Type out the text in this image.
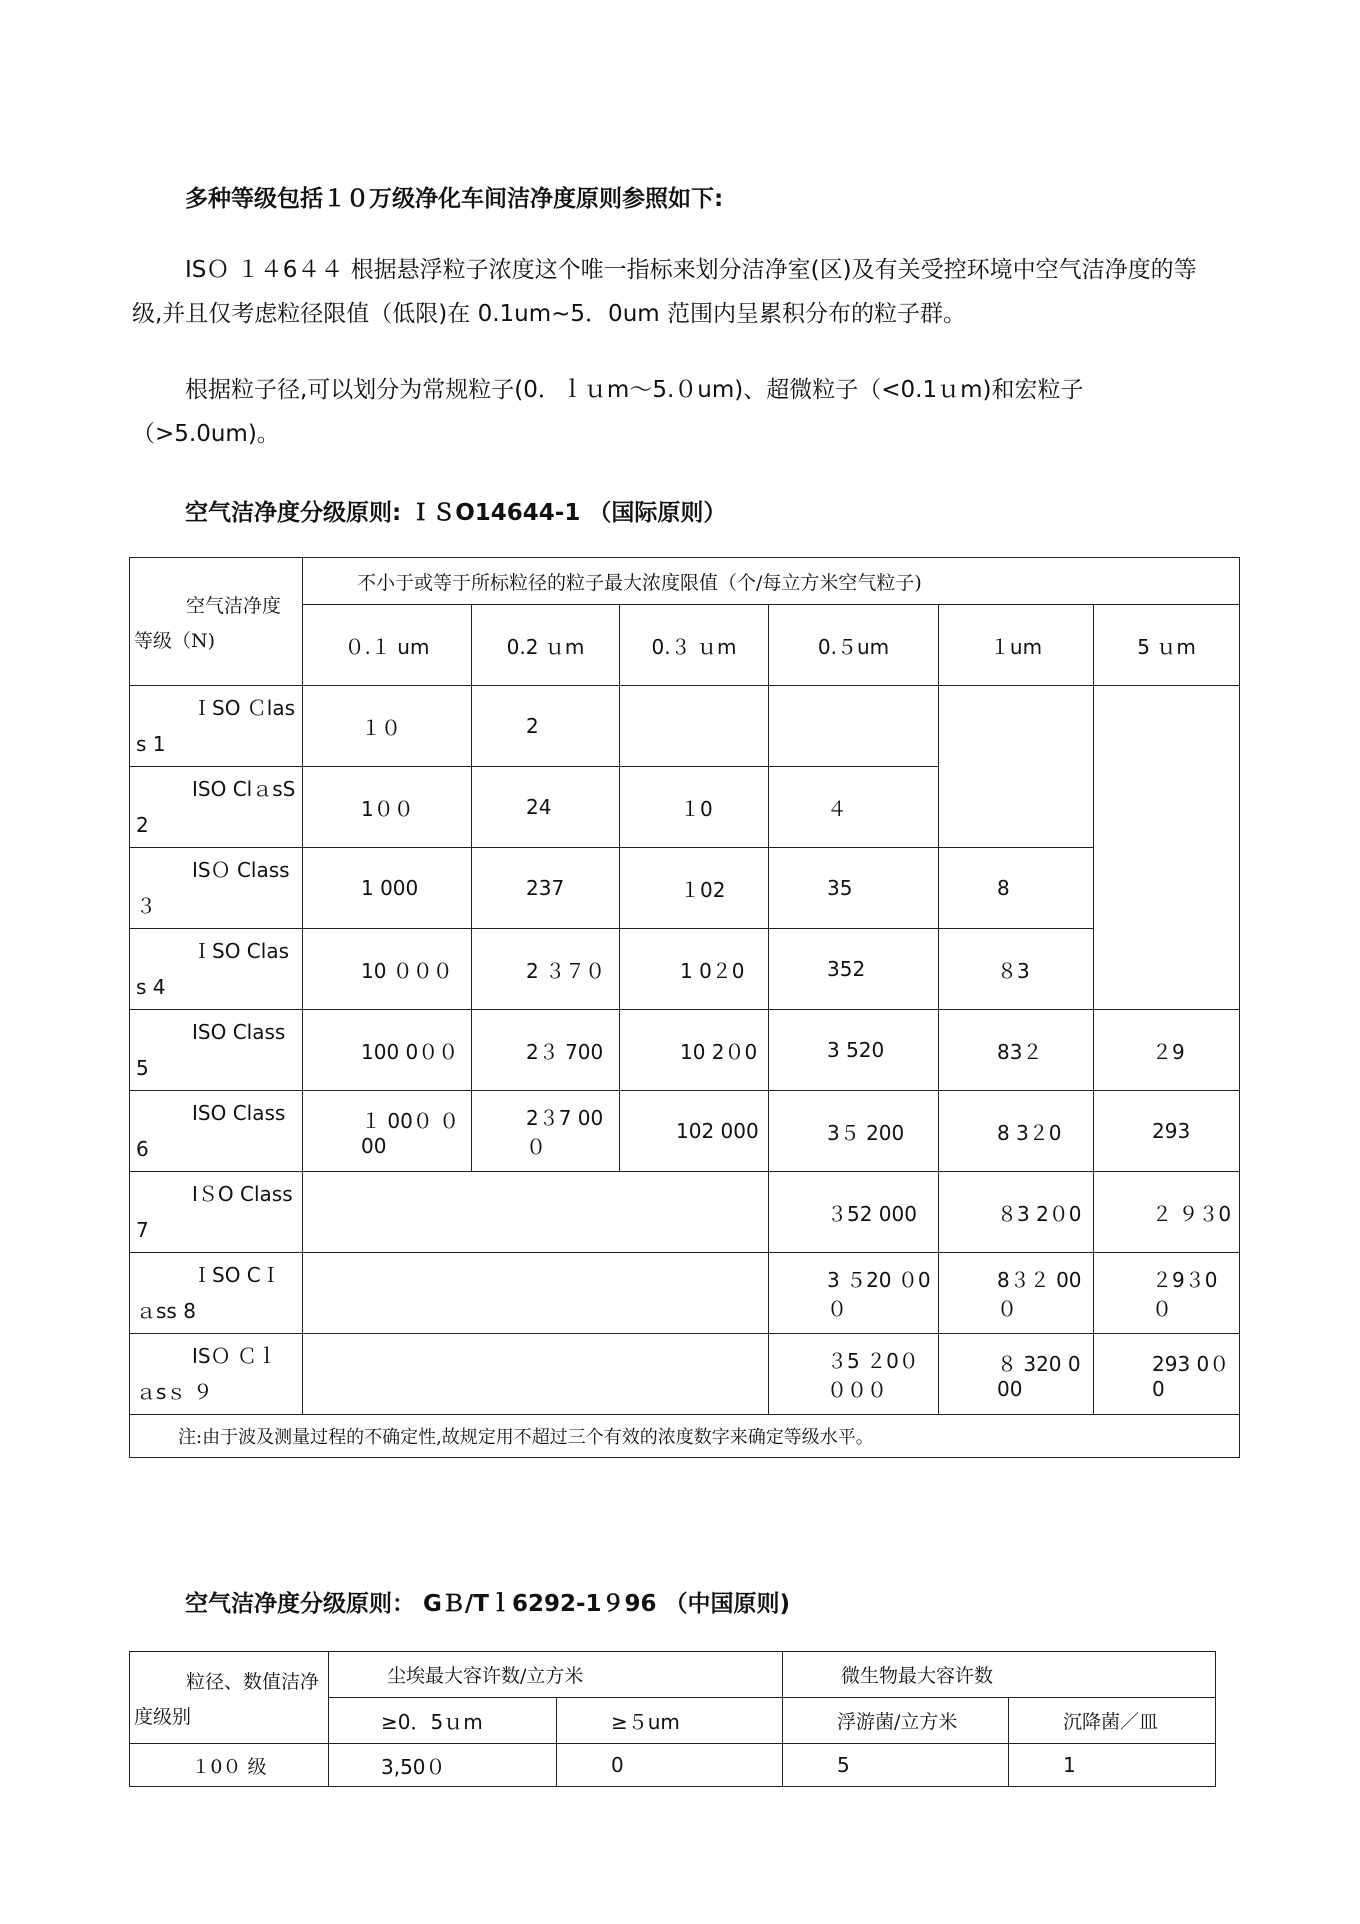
多种等级包括１０万级净化车间洁净度原则参照如下:
ISＯ １４6４４ 根据悬浮粒子浓度这个唯一指标来划分洁净室(区)及有关受控环境中空气洁净度的等
级,并且仅考虑粒径限值（低限)在 0.1um~5．0um 范围内呈累积分布的粒子群。
根据粒子径,可以划分为常规粒子(0．ｌｕm～5.０um)、超微粒子（<0.1ｕm)和宏粒子
（>5.0um)。
空气洁净度分级原则: ＩＳO14644-1 （国际原则）
空气洁净度
等级（N)	不小于或等于所标粒径的粒子最大浓度限值（个/每立方米空气粒子)					
	０.１ um	0.2 ｕm	0.３ ｕm	0.５um	１um	5 ｕm
ＩSO Ｃlass 1	１０	2				
ISO ClａsS 2	1００	24	１0	４		
ISＯ Class ３	1 000	237	１02	35	8	
ＩSO Class 4	10 ０００	2 ３７０	1 0２0	352	８3	
ISO Class 5	100 0００	2３ 700	10 2０0	3 520	83２	２9
ISO Class 6	１ 00０ ０00	2３7 00０	102 000	3５ 200	8 3２0	293
IＳO Class 7				３52 000	８3 2０0	２ ９３0
ＩSO CＩａss 8				3 ５20 ０0０	8３２ 00０	２9３0０
ISＯ Ｃｌａsｓ ９				３5 ２0０ ０００	８ 320 000	293 0０0
注:由于波及测量过程的不确定性,故规定用不超过三个有效的浓度数字来确定等级水平。						
空气洁净度分级原则： GＢ/Tｌ6292-1９96 （中国原则)
粒径、数值洁净
度级别	尘埃最大容许数/立方米		微生物最大容许数	
	≥0．5ｕm	≥５um	浮游菌/立方米	沉降菌／皿
１0０ 级	3,50０	0	5	1
